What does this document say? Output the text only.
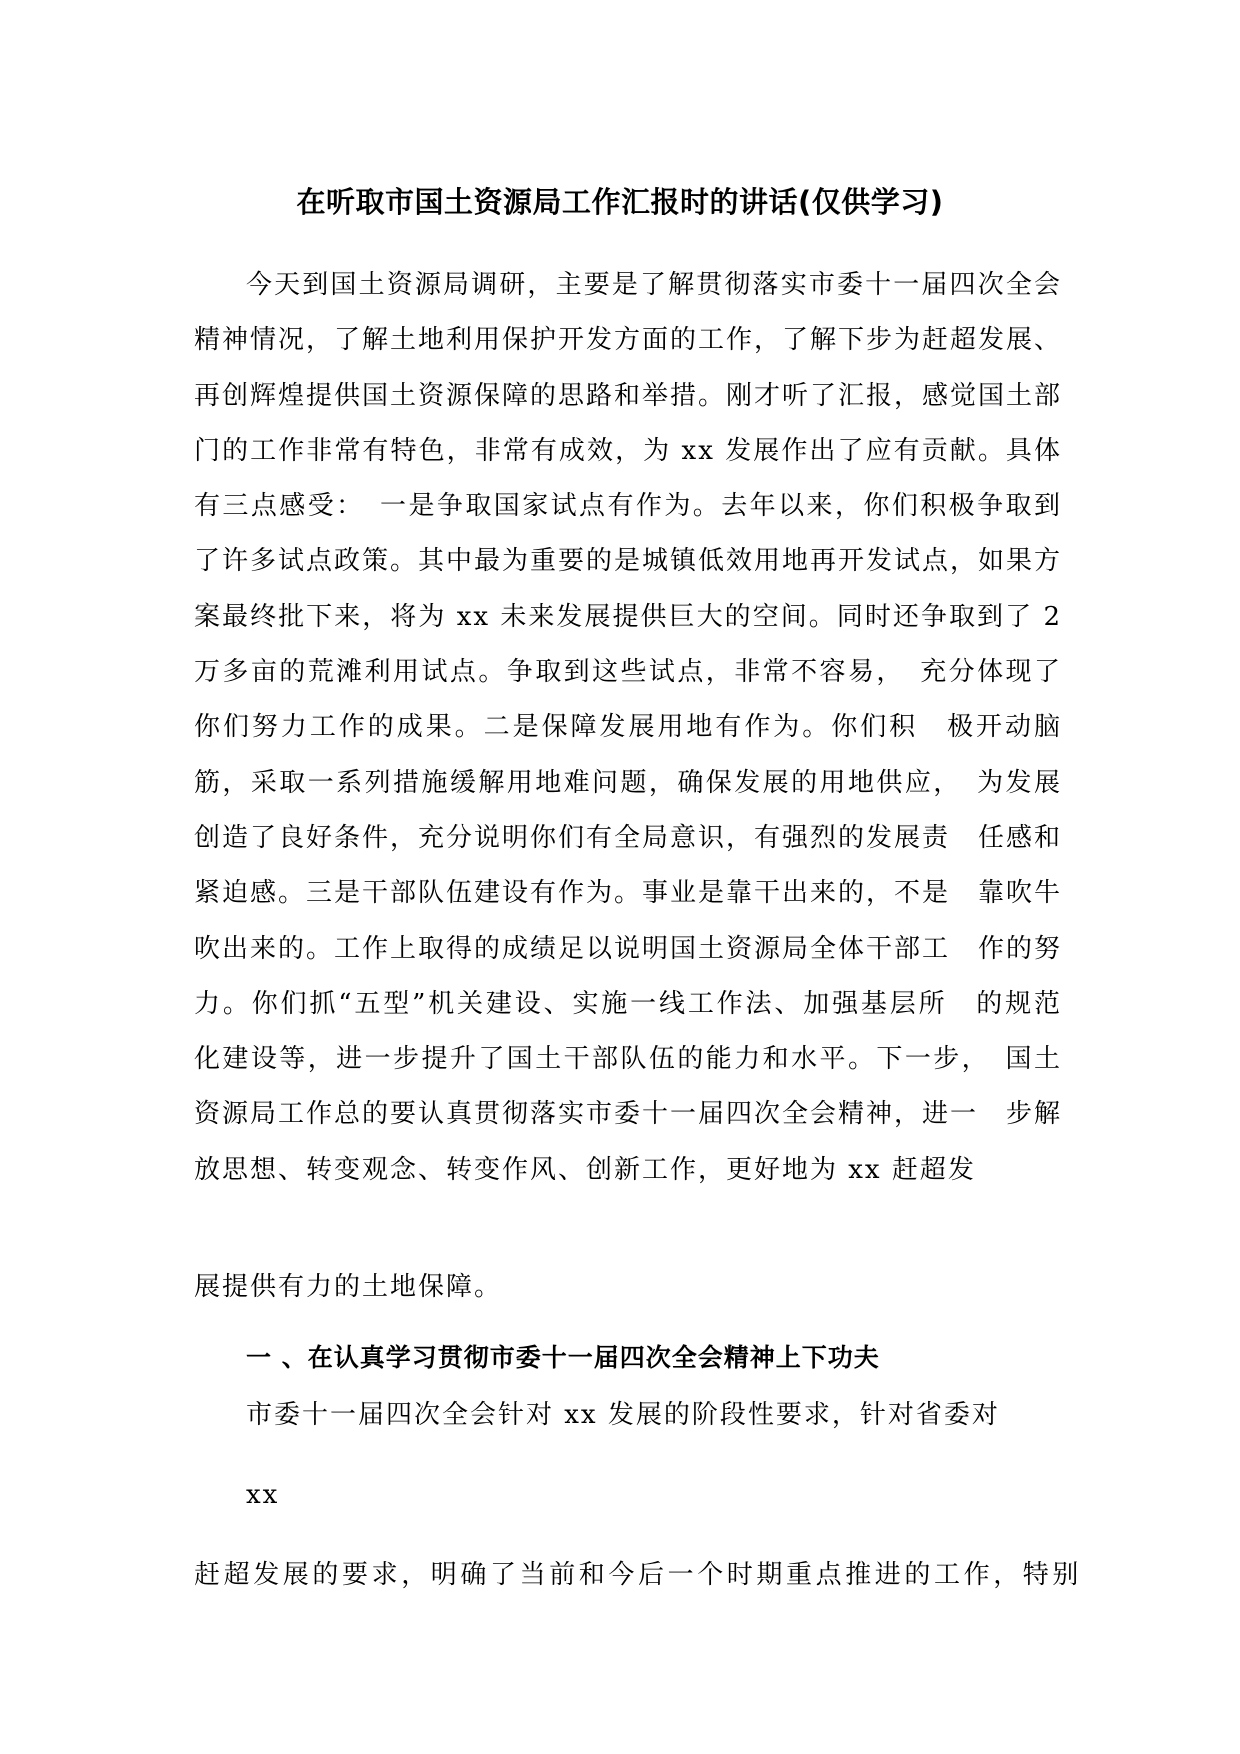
在听取市国土资源局工作汇报时的讲话(仅供学习)

今天到国土资源局调研，主要是了解贯彻落实市委十一届四次全会精神情况，了解土地利用保护开发方面的工作，了解下步为赶超发展、再创辉煌提供国土资源保障的思路和举措。刚才听了汇报，感觉国土部门的工作非常有特色，非常有成效，为 xx 发展作出了应有贡献。具体有三点感受：　一是争取国家试点有作为。去年以来，你们积极争取到了许多试点政策。其中最为重要的是城镇低效用地再开发试点，如果方案最终批下来，将为 xx 未来发展提供巨大的空间。同时还争取到了 2 万多亩的荒滩利用试点。争取到这些试点，非常不容易，　充分体现了你们努力工作的成果。二是保障发展用地有作为。你们积　极开动脑筋，采取一系列措施缓解用地难问题，确保发展的用地供应，　为发展创造了良好条件，充分说明你们有全局意识，有强烈的发展责　任感和紧迫感。三是干部队伍建设有作为。事业是靠干出来的，不是　靠吹牛吹出来的。工作上取得的成绩足以说明国土资源局全体干部工　作的努力。你们抓“五型”机关建设、实施一线工作法、加强基层所　的规范化建设等，进一步提升了国土干部队伍的能力和水平。下一步，　国土资源局工作总的要认真贯彻落实市委十一届四次全会精神，进一　步解放思想、转变观念、转变作风、创新工作，更好地为 xx 赶超发

展提供有力的土地保障。

一 、在认真学习贯彻市委十一届四次全会精神上下功夫

市委十一届四次全会针对 xx 发展的阶段性要求，针对省委对

xx

赶超发展的要求，明确了当前和今后一个时期重点推进的工作，特别
